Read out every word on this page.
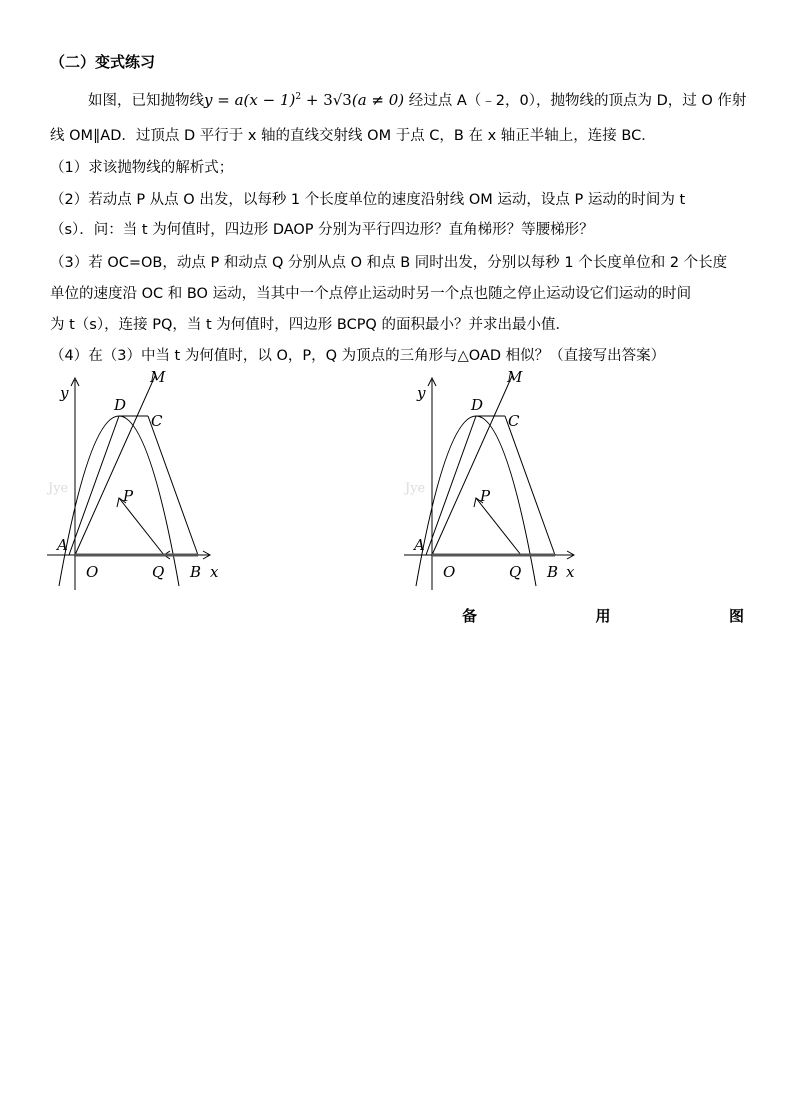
（二）变式练习
如图，已知抛物线$y = a(x - 1)^2 + 3√3(a \ne 0)$ 经过点 A（﹣2，0），抛物线的顶点为 D，过 O 作射
线 OM∥AD．过顶点 D 平行于 x 轴的直线交射线 OM 于点 C，B 在 x 轴正半轴上，连接 BC．
（1）求该抛物线的解析式；
（2）若动点 P 从点 O 出发，以每秒 1 个长度单位的速度沿射线 OM 运动，设点 P 运动的时间为 t
（s）．问：当 t 为何值时，四边形 DAOP 分别为平行四边形？直角梯形？等腰梯形？
（3）若 OC=OB，动点 P 和动点 Q 分别从点 O 和点 B 同时出发，分别以每秒 1 个长度单位和 2 个长度
单位的速度沿 OC 和 BO 运动，当其中一个点停止运动时另一个点也随之停止运动设它们运动的时间
为 t（s），连接 PQ，当 t 为何值时，四边形 BCPQ 的面积最小？并求出最小值．
（4）在（3）中当 t 为何值时，以 O，P，Q 为顶点的三角形与△OAD 相似？（直接写出答案）
Jye
y
M
D
C
P
A
O	Q B x
Jye
y
M
D
C
P
A
O	Q B x
备	用	图
